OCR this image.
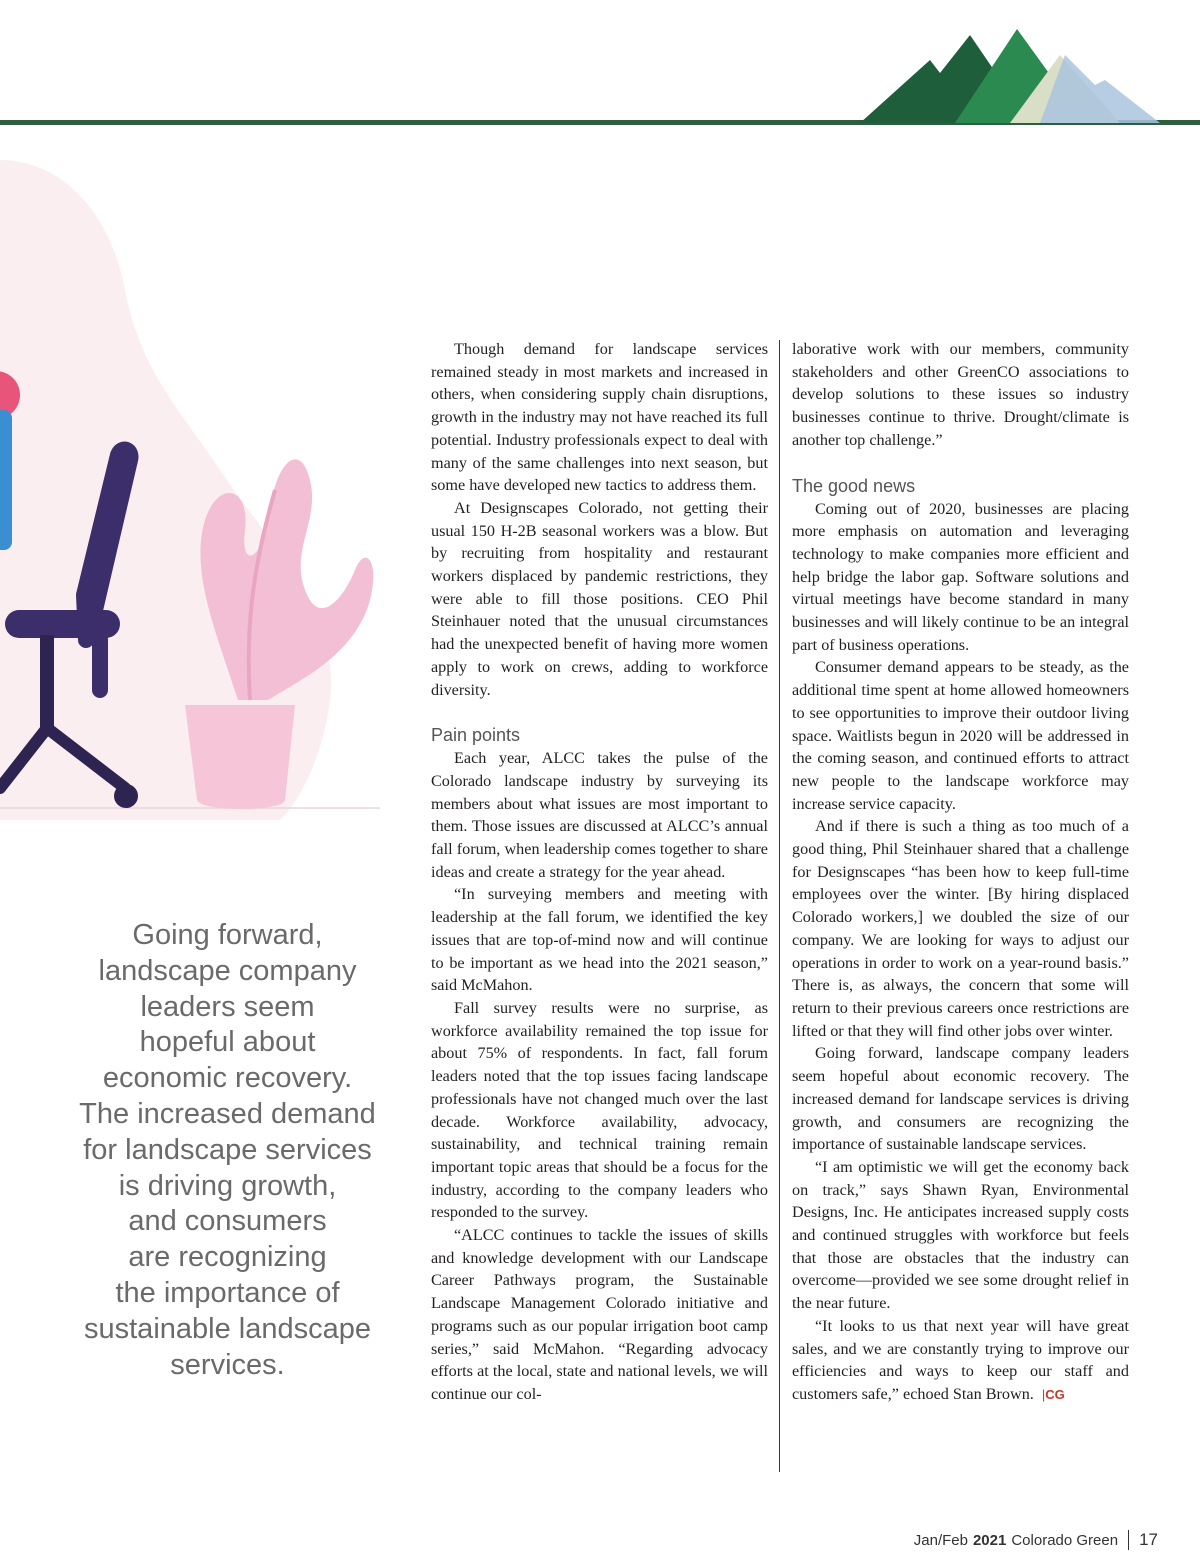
Going forward,
landscape company
leaders seem
hopeful about
economic recovery.
The increased demand
for landscape services
is driving growth,
and consumers
are recognizing
the importance of
sustainable landscape
services.

Though demand for landscape services remained steady in most markets and increased in others, when considering supply chain disruptions, growth in the industry may not have reached its full potential. Industry professionals expect to deal with many of the same challenges into next season, but some have developed new tactics to address them.

At Designscapes Colorado, not getting their usual 150 H-2B seasonal workers was a blow. But by recruiting from hospitality and restaurant workers displaced by pandemic restrictions, they were able to fill those positions. CEO Phil Steinhauer noted that the unusual circumstances had the unexpected benefit of having more women apply to work on crews, adding to workforce diversity.

Pain points

Each year, ALCC takes the pulse of the Colorado landscape industry by surveying its members about what issues are most important to them. Those issues are discussed at ALCC’s annual fall forum, when leadership comes together to share ideas and create a strategy for the year ahead.

“In surveying members and meeting with leadership at the fall forum, we identified the key issues that are top-of-mind now and will continue to be important as we head into the 2021 season,” said McMahon.

Fall survey results were no surprise, as workforce availability remained the top issue for about 75% of respondents. In fact, fall forum leaders noted that the top issues facing landscape professionals have not changed much over the last decade. Workforce availability, advocacy, sustainability, and technical training remain important topic areas that should be a focus for the industry, according to the company leaders who responded to the survey.

“ALCC continues to tackle the issues of skills and knowledge development with our Landscape Career Pathways program, the Sustainable Landscape Management Colorado initiative and programs such as our popular irrigation boot camp series,” said McMahon. “Regarding advocacy efforts at the local, state and national levels, we will continue our col-

laborative work with our members, community stakeholders and other GreenCO associations to develop solutions to these issues so industry businesses continue to thrive. Drought/climate is another top challenge.”

The good news

Coming out of 2020, businesses are placing more emphasis on automation and leveraging technology to make companies more efficient and help bridge the labor gap. Software solutions and virtual meetings have become standard in many businesses and will likely continue to be an integral part of business operations.

Consumer demand appears to be steady, as the additional time spent at home allowed homeowners to see opportunities to improve their outdoor living space. Waitlists begun in 2020 will be addressed in the coming season, and continued efforts to attract new people to the landscape workforce may increase service capacity.

And if there is such a thing as too much of a good thing, Phil Steinhauer shared that a challenge for Designscapes “has been how to keep full-time employees over the winter. [By hiring displaced Colorado workers,] we doubled the size of our company. We are looking for ways to adjust our operations in order to work on a year-round basis.” There is, as always, the concern that some will return to their previous careers once restrictions are lifted or that they will find other jobs over winter.

Going forward, landscape company leaders seem hopeful about economic recovery. The increased demand for landscape services is driving growth, and consumers are recognizing the importance of sustainable landscape services.

“I am optimistic we will get the economy back on track,” says Shawn Ryan, Environmental Designs, Inc. He anticipates increased supply costs and continued struggles with workforce but feels that those are obstacles that the industry can overcome—provided we see some drought relief in the near future.

“It looks to us that next year will have great sales, and we are constantly trying to improve our efficiencies and ways to keep our staff and customers safe,” echoed Stan Brown. |CG

Jan/Feb 2021 Colorado Green 17
